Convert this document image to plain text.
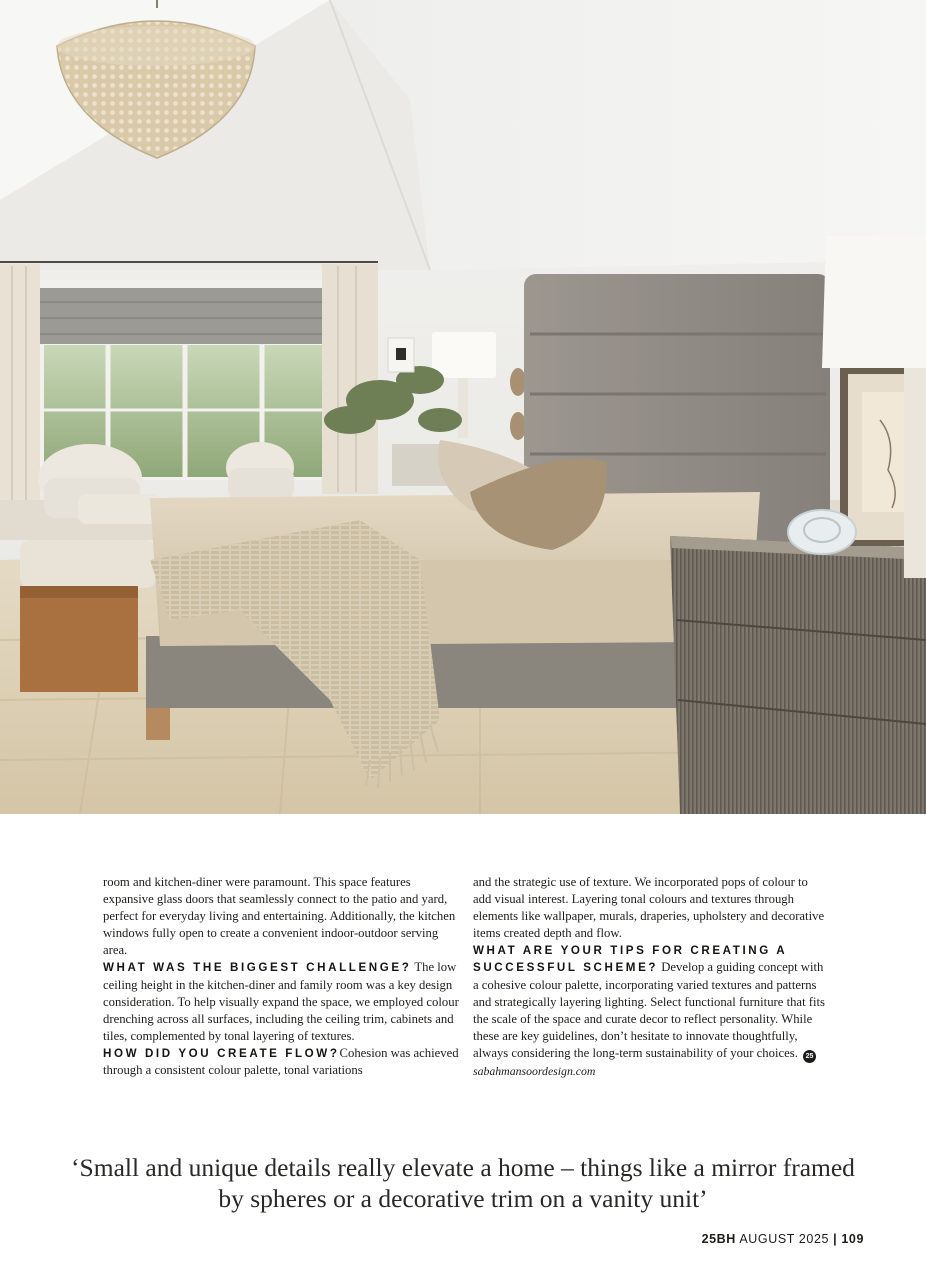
room and kitchen-diner were paramount. This space features expansive glass doors that seamlessly connect to the patio and yard, perfect for everyday living and entertaining. Additionally, the kitchen windows fully open to create a convenient indoor-outdoor serving area.

WHAT WAS THE BIGGEST CHALLENGE? The low ceiling height in the kitchen-diner and family room was a key design consideration. To help visually expand the space, we employed colour drenching across all surfaces, including the ceiling trim, cabinets and tiles, complemented by tonal layering of textures.

HOW DID YOU CREATE FLOW?Cohesion was achieved through a consistent colour palette, tonal variations

and the strategic use of texture. We incorporated pops of colour to add visual interest. Layering tonal colours and textures through elements like wallpaper, murals, draperies, upholstery and decorative items created depth and flow.

WHAT ARE YOUR TIPS FOR CREATING A SUCCESSFUL SCHEME? Develop a guiding concept with a cohesive colour palette, incorporating varied textures and patterns and strategically layering lighting. Select functional furniture that fits the scale of the space and curate decor to reflect personality. While these are key guidelines, don’t hesitate to innovate thoughtfully, always considering the long-term sustainability of your choices. 25

sabahmansoordesign.com

‘Small and unique details really elevate a home – things like a mirror framed by spheres or a decorative trim on a vanity unit’
25BH AUGUST 2025 | 109
